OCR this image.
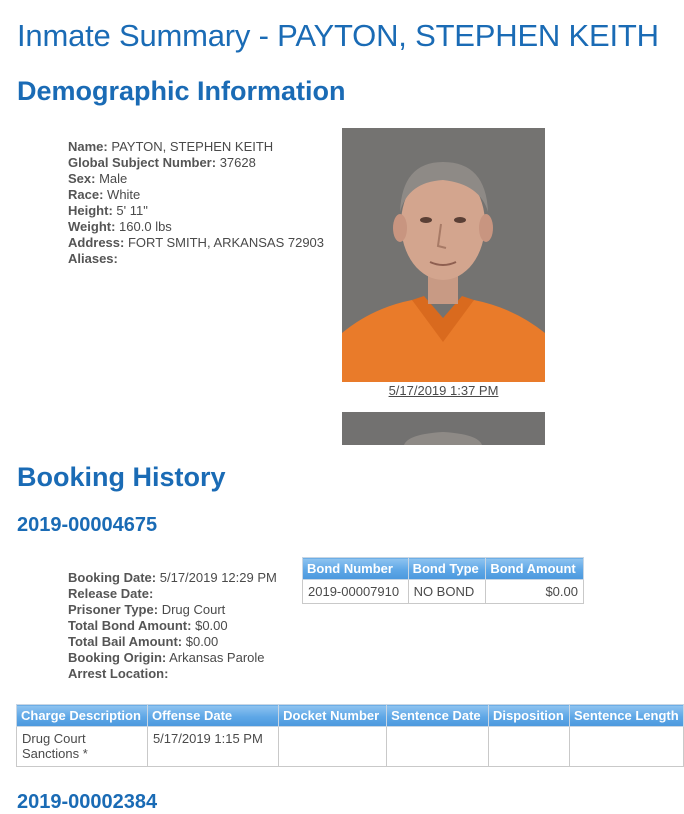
Inmate Summary - PAYTON, STEPHEN KEITH
Demographic Information
Name: PAYTON, STEPHEN KEITH
Global Subject Number: 37628
Sex: Male
Race: White
Height: 5' 11"
Weight: 160.0 lbs
Address: FORT SMITH, ARKANSAS 72903
Aliases:
5/17/2019 1:37 PM
Booking History
2019-00004675
Booking Date: 5/17/2019 12:29 PM
Release Date:
Prisoner Type: Drug Court
Total Bond Amount: $0.00
Total Bail Amount: $0.00
Booking Origin: Arkansas Parole
Arrest Location:
Bond Number	Bond Type	Bond Amount
2019-00007910	NO BOND	$0.00
Charge Description	Offense Date	Docket Number	Sentence Date	Disposition	Sentence Length
Drug Court Sanctions *	5/17/2019 1:15 PM				
2019-00002384
